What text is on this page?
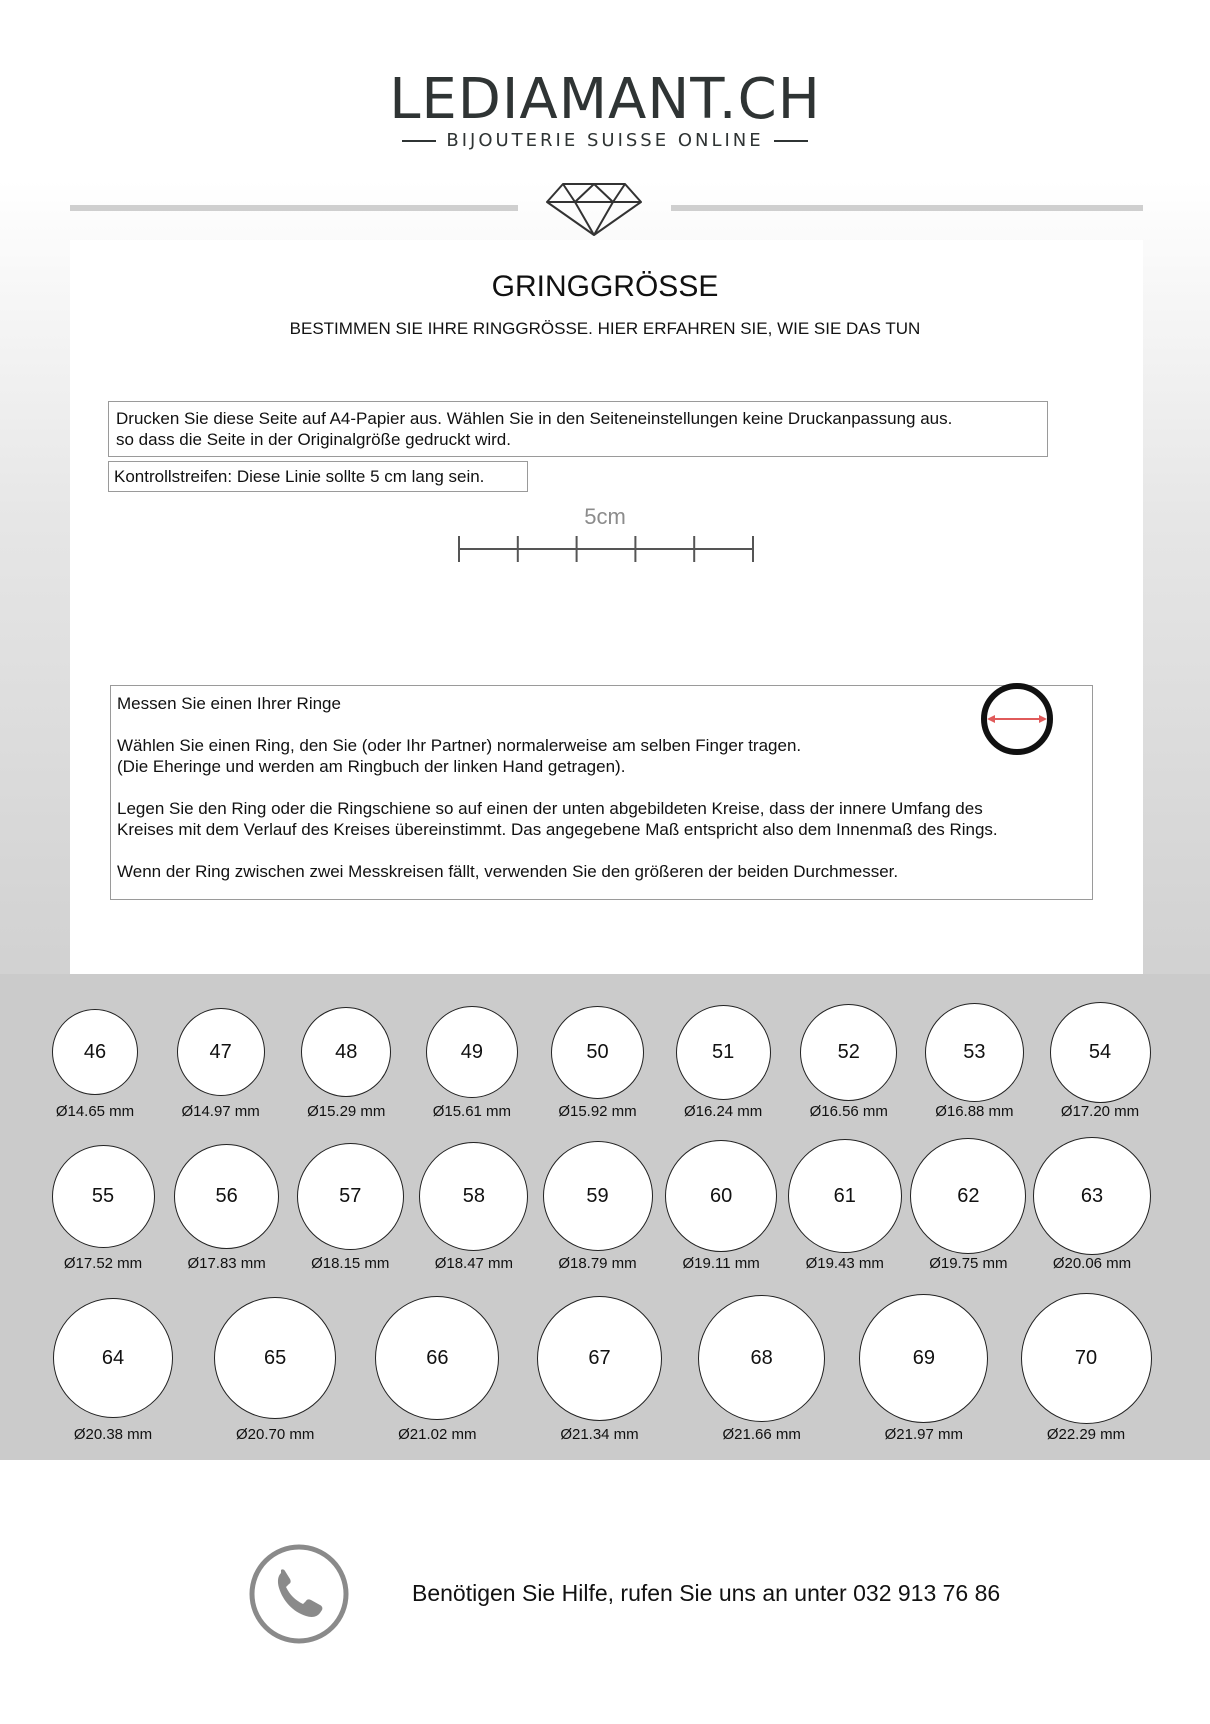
LEDIAMANT.CH
BIJOUTERIE SUISSE ONLINE
GRINGGRÖSSE
BESTIMMEN SIE IHRE RINGGRÖSSE. HIER ERFAHREN SIE, WIE SIE DAS TUN
Drucken Sie diese Seite auf A4-Papier aus. Wählen Sie in den Seiteneinstellungen keine Druckanpassung aus.
so dass die Seite in der Originalgröße gedruckt wird.
Kontrollstreifen: Diese Linie sollte 5 cm lang sein.
5cm

Messen Sie einen Ihrer Ringe

Wählen Sie einen Ring, den Sie (oder Ihr Partner) normalerweise am selben Finger tragen.

(Die Eheringe und werden am Ringbuch der linken Hand getragen).

Legen Sie den Ring oder die Ringschiene so auf einen der unten abgebildeten Kreise, dass der innere Umfang des

Kreises mit dem Verlauf des Kreises übereinstimmt. Das angegebene Maß entspricht also dem Innenmaß des Rings.

Wenn der Ring zwischen zwei Messkreisen fällt, verwenden Sie den größeren der beiden Durchmesser.

46
Ø14.65 mm
47
Ø14.97 mm
48
Ø15.29 mm
49
Ø15.61 mm
50
Ø15.92 mm
51
Ø16.24 mm
52
Ø16.56 mm
53
Ø16.88 mm
54
Ø17.20 mm
55
Ø17.52 mm
56
Ø17.83 mm
57
Ø18.15 mm
58
Ø18.47 mm
59
Ø18.79 mm
60
Ø19.11 mm
61
Ø19.43 mm
62
Ø19.75 mm
63
Ø20.06 mm
64
Ø20.38 mm
65
Ø20.70 mm
66
Ø21.02 mm
67
Ø21.34 mm
68
Ø21.66 mm
69
Ø21.97 mm
70
Ø22.29 mm
Benötigen Sie Hilfe, rufen Sie uns an unter 032 913 76 86
